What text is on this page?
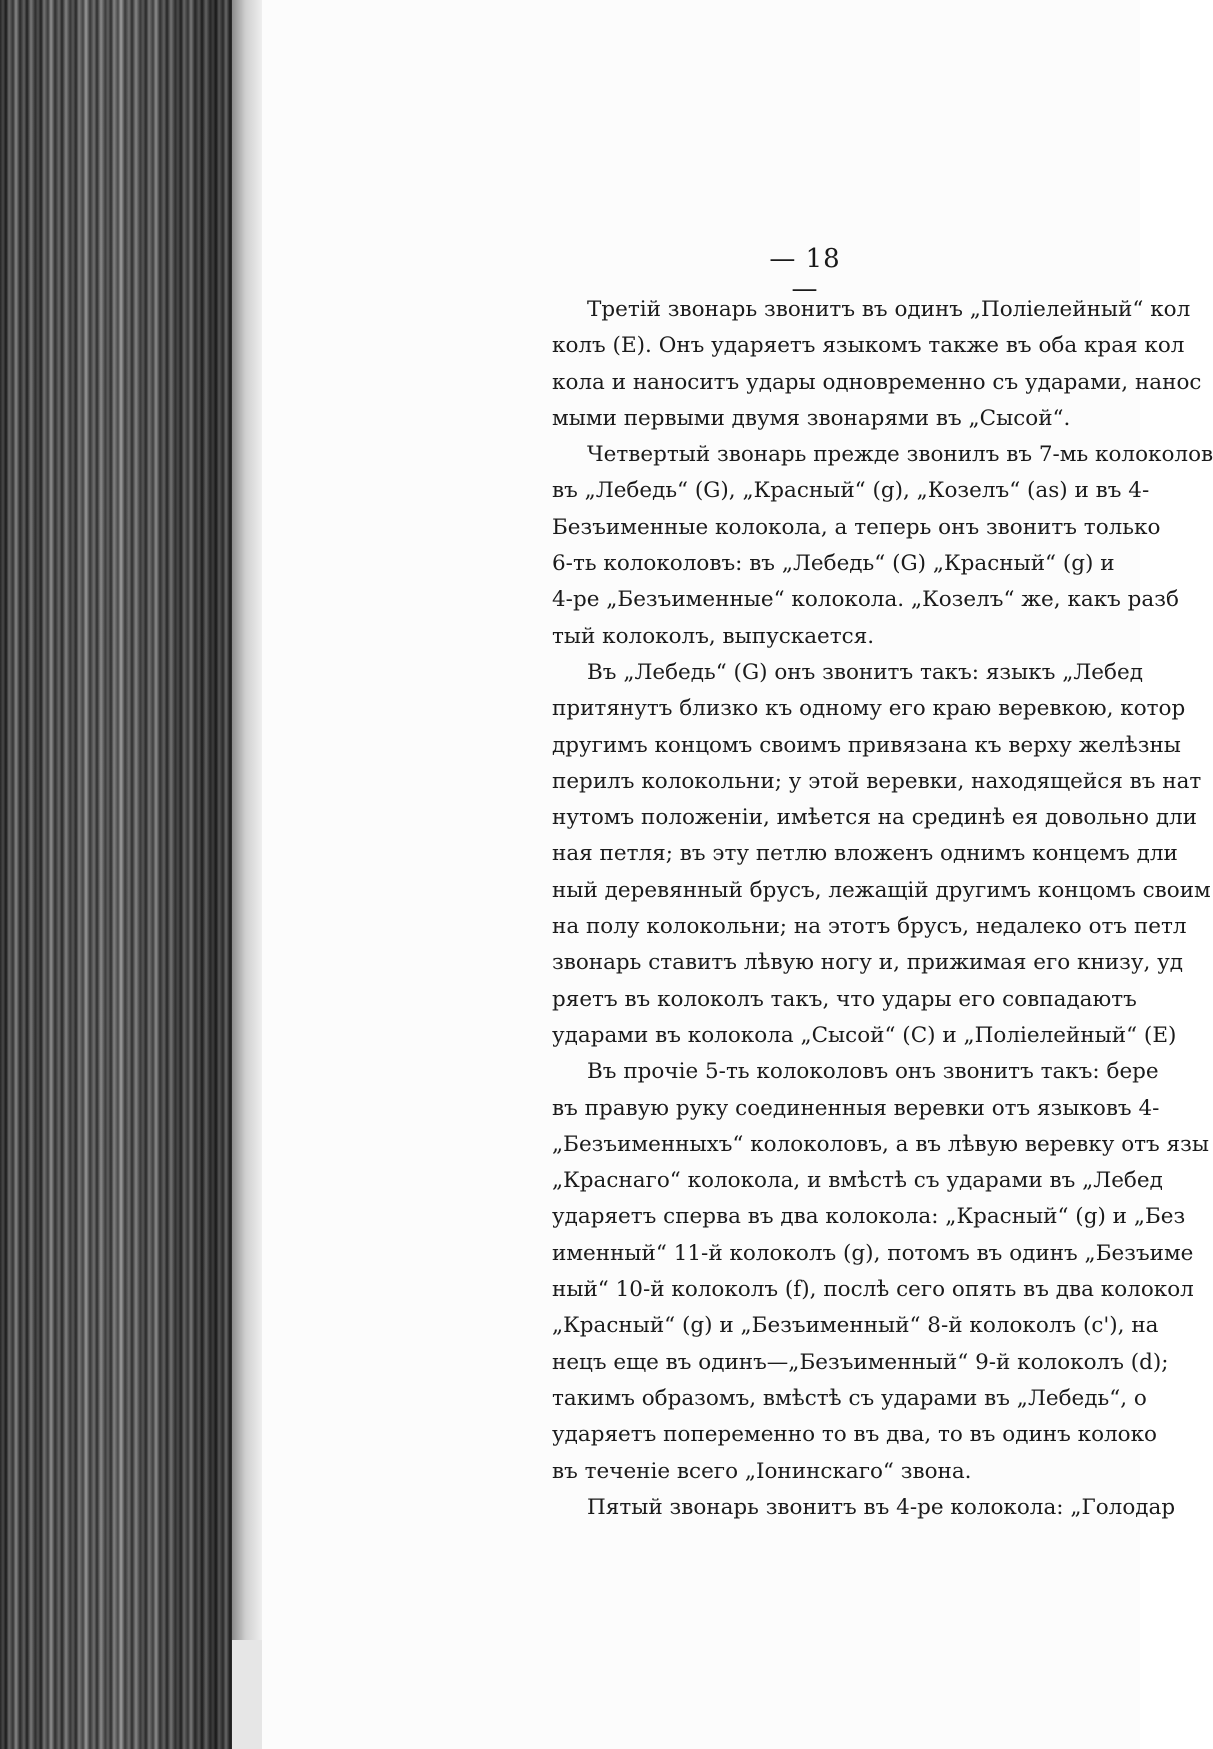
— 18 —
Третій звонарь звонитъ въ одинъ „Поліелейный“ кол
колъ (Е). Онъ ударяетъ языкомъ также въ оба края кол
кола и наноситъ удары одновременно съ ударами, нанос
мыми первыми двумя звонарями въ „Сысой“.
Четвертый звонарь прежде звонилъ въ 7-мь колоколов
въ „Лебедь“ (G), „Красный“ (g), „Козелъ“ (as) и въ 4-
Безъименные колокола, а теперь онъ звонитъ только
6-ть колоколовъ: въ „Лебедь“ (G) „Красный“ (g) и
4-ре „Безъименные“ колокола. „Козелъ“ же, какъ разб
тый колоколъ, выпускается.
Въ „Лебедь“ (G) онъ звонитъ такъ: языкъ „Лебед
притянутъ близко къ одному его краю веревкою, котор
другимъ концомъ своимъ привязана къ верху желѣзны
перилъ колокольни; у этой веревки, находящейся въ нат
нутомъ положеніи, имѣется на срединѣ ея довольно дли
ная петля; въ эту петлю вложенъ однимъ концемъ дли
ный деревянный брусъ, лежащій другимъ концомъ своим
на полу колокольни; на этотъ брусъ, недалеко отъ петл
звонарь ставитъ лѣвую ногу и, прижимая его книзу, уд
ряетъ въ колоколъ такъ, что удары его совпадаютъ
ударами въ колокола „Сысой“ (С) и „Поліелейный“ (Е)
Въ прочіе 5-ть колоколовъ онъ звонитъ такъ: бере
въ правую руку соединенныя веревки отъ языковъ 4-
„Безъименныхъ“ колоколовъ, а въ лѣвую веревку отъ язы
„Краснаго“ колокола, и вмѣстѣ съ ударами въ „Лебед
ударяетъ сперва въ два колокола: „Красный“ (g) и „Без
именный“ 11-й колоколъ (g), потомъ въ одинъ „Безъиме
ный“ 10-й колоколъ (f), послѣ сего опять въ два колокол
„Красный“ (g) и „Безъименный“ 8-й колоколъ (c'), на
нецъ еще въ одинъ—„Безъименный“ 9-й колоколъ (d);
такимъ образомъ, вмѣстѣ съ ударами въ „Лебедь“, о
ударяетъ попеременно то въ два, то въ одинъ колоко
въ теченіе всего „Іонинскаго“ звона.
Пятый звонарь звонитъ въ 4-ре колокола: „Голодар
